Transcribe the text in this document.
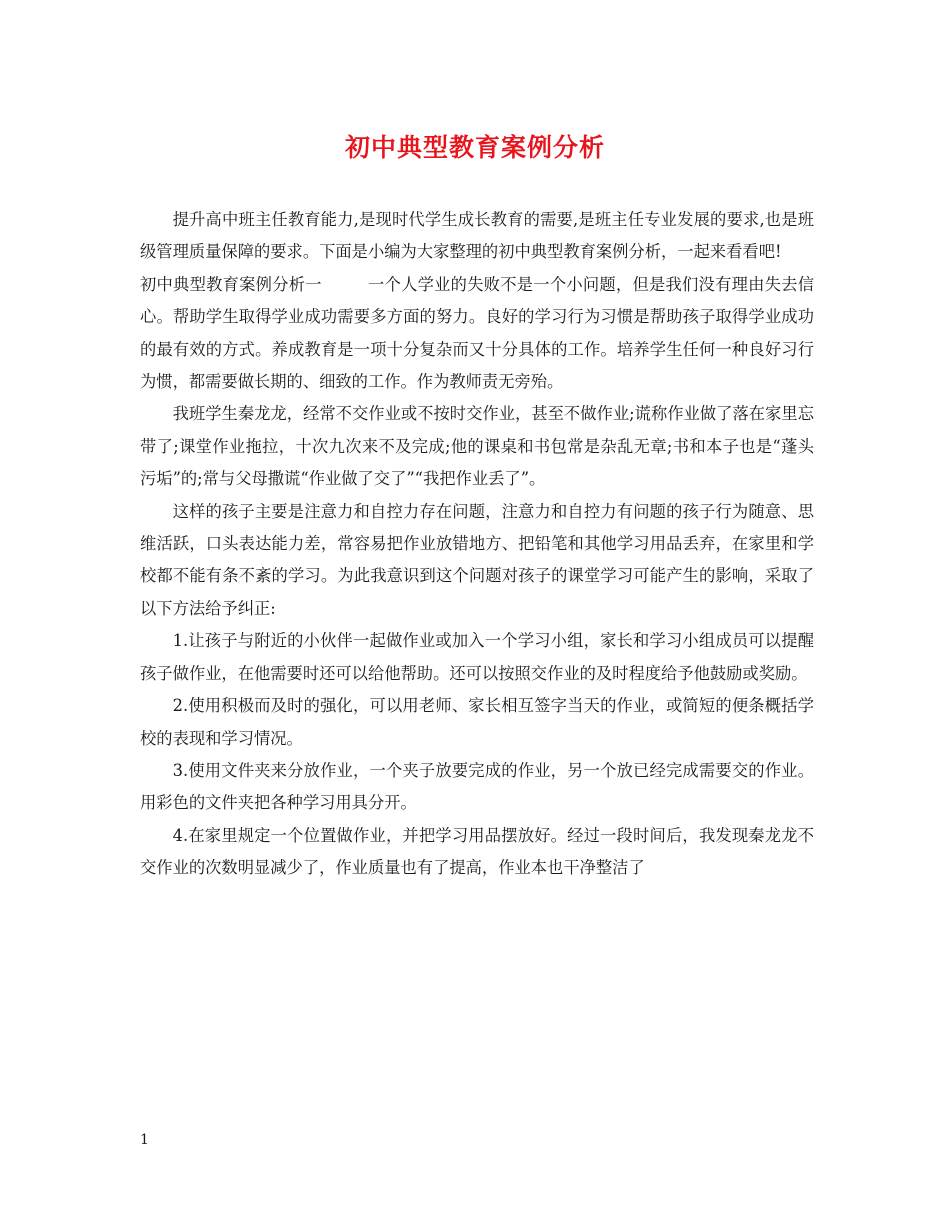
初中典型教育案例分析

提升高中班主任教育能力,是现时代学生成长教育的需要,是班主任专业发展的要求,也是班级管理质量保障的要求。下面是小编为大家整理的初中典型教育案例分析，一起来看看吧!

初中典型教育案例分析一	一个人学业的失败不是一个小问题，但是我们没有理由失去信心。帮助学生取得学业成功需要多方面的努力。良好的学习行为习惯是帮助孩子取得学业成功的最有效的方式。养成教育是一项十分复杂而又十分具体的工作。培养学生任何一种良好习行为惯，都需要做长期的、细致的工作。作为教师责无旁殆。

我班学生秦龙龙，经常不交作业或不按时交作业，甚至不做作业;谎称作业做了落在家里忘带了;课堂作业拖拉，十次九次来不及完成;他的课桌和书包常是杂乱无章;书和本子也是“蓬头污垢”的;常与父母撒谎“作业做了交了”“我把作业丢了”。

这样的孩子主要是注意力和自控力存在问题，注意力和自控力有问题的孩子行为随意、思维活跃，口头表达能力差，常容易把作业放错地方、把铅笔和其他学习用品丢弃，在家里和学校都不能有条不紊的学习。为此我意识到这个问题对孩子的课堂学习可能产生的影响，采取了以下方法给予纠正:

1.让孩子与附近的小伙伴一起做作业或加入一个学习小组，家长和学习小组成员可以提醒孩子做作业，在他需要时还可以给他帮助。还可以按照交作业的及时程度给予他鼓励或奖励。

2.使用积极而及时的强化，可以用老师、家长相互签字当天的作业，或简短的便条概括学校的表现和学习情况。

3.使用文件夹来分放作业，一个夹子放要完成的作业，另一个放已经完成需要交的作业。用彩色的文件夹把各种学习用具分开。

4.在家里规定一个位置做作业，并把学习用品摆放好。经过一段时间后，我发现秦龙龙不交作业的次数明显减少了，作业质量也有了提高，作业本也干净整洁了

1
